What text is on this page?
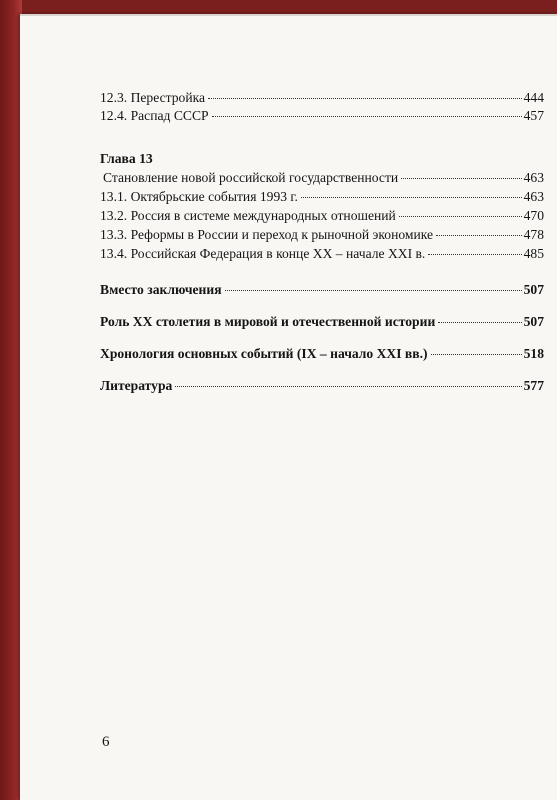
12.3. Перестройка	444
12.4. Распад СССР	457
Глава 13
Становление новой российской государственности	463
13.1. Октябрьские события 1993 г.	463
13.2. Россия в системе международных отношений	470
13.3. Реформы в России и переход к рыночной экономике	478
13.4. Российская Федерация в конце XX – начале XXI в.	485
Вместо заключения	507
Роль XX столетия в мировой и отечественной истории	507
Хронология основных событий (IX – начало XXI вв.)	518
Литература	577
6
